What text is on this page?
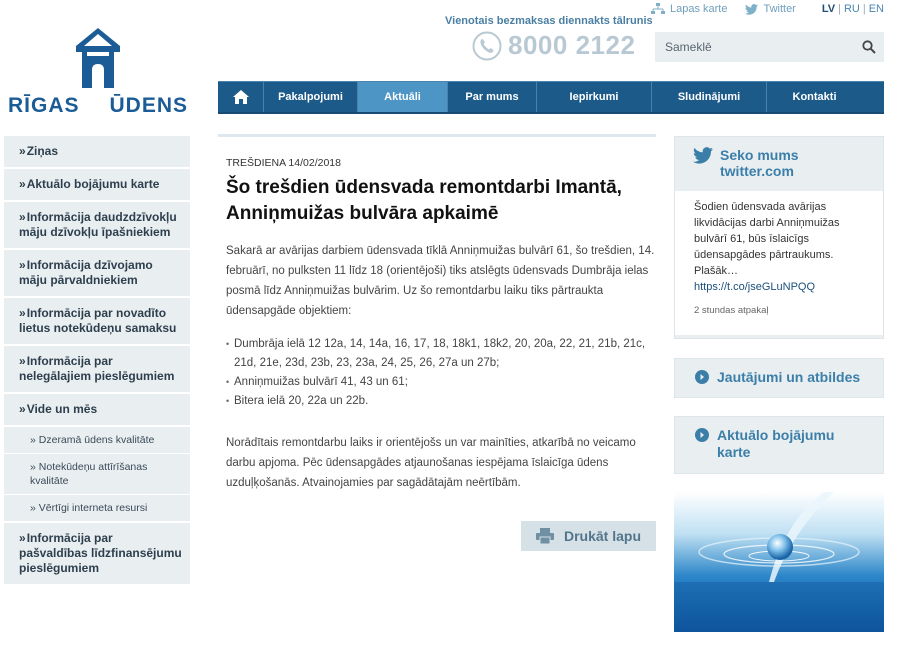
RĪGAS ŪDENS
Lapas karte	Twitter LV | RU | EN
Vienotais bezmaksas diennakts tālrunis
8000 2122
Sameklē
Pakalpojumi	Aktuāli	Par mums	Iepirkumi	Sludinājumi	Kontakti
»Ziņas
»Aktuālo bojājumu karte
»Informācija daudzdzīvokļu māju dzīvokļu īpašniekiem
»Informācija dzīvojamo māju pārvaldniekiem
»Informācija par novadīto lietus notekūdeņu samaksu
»Informācija par nelegālajiem pieslēgumiem
»Vide un mēs
» Dzeramā ūdens kvalitāte
» Notekūdeņu attīrīšanas kvalitāte
» Vērtīgi interneta resursi
»Informācija par pašvaldības līdzfinansējumu pieslēgumiem
TREŠDIENA 14/02/2018
Šo trešdien ūdensvada remontdarbi Imantā, Anniņmuižas bulvāra apkaimē

Sakarā ar avārijas darbiem ūdensvada tīklā Anniņmuižas bulvārī 61, šo trešdien, 14. februārī, no pulksten 11 līdz 18 (orientējoši) tiks atslēgts ūdensvads Dumbrāja ielas posmā līdz Anniņmuižas bulvārim. Uz šo remontdarbu laiku tiks pārtraukta ūdensapgāde objektiem:

• Dumbrāja ielā 12 12a, 14, 14a, 16, 17, 18, 18k1, 18k2, 20, 20a, 22, 21, 21b, 21c, 21d, 21e, 23d, 23b, 23, 23a, 24, 25, 26, 27a un 27b;
• Anniņmuižas bulvārī 41, 43 un 61;
• Bitera ielā 20, 22a un 22b.

Norādītais remontdarbu laiks ir orientējošs un var mainīties, atkarībā no veicamo darbu apjoma. Pēc ūdensapgādes atjaunošanas iespējama īslaicīga ūdens uzduļķošanās. Atvainojamies par sagādātajām neērtībām.

Drukāt lapu
Seko mums twitter.com
Šodien ūdensvada avārijas likvidācijas darbi Anniņmuižas bulvārī 61, būs īslaicīgs ūdensapgādes pārtraukums. Plašāk…
https://t.co/jseGLuNPQQ
2 stundas atpakaļ
Jautājumi un atbildes
Aktuālo bojājumu karte
